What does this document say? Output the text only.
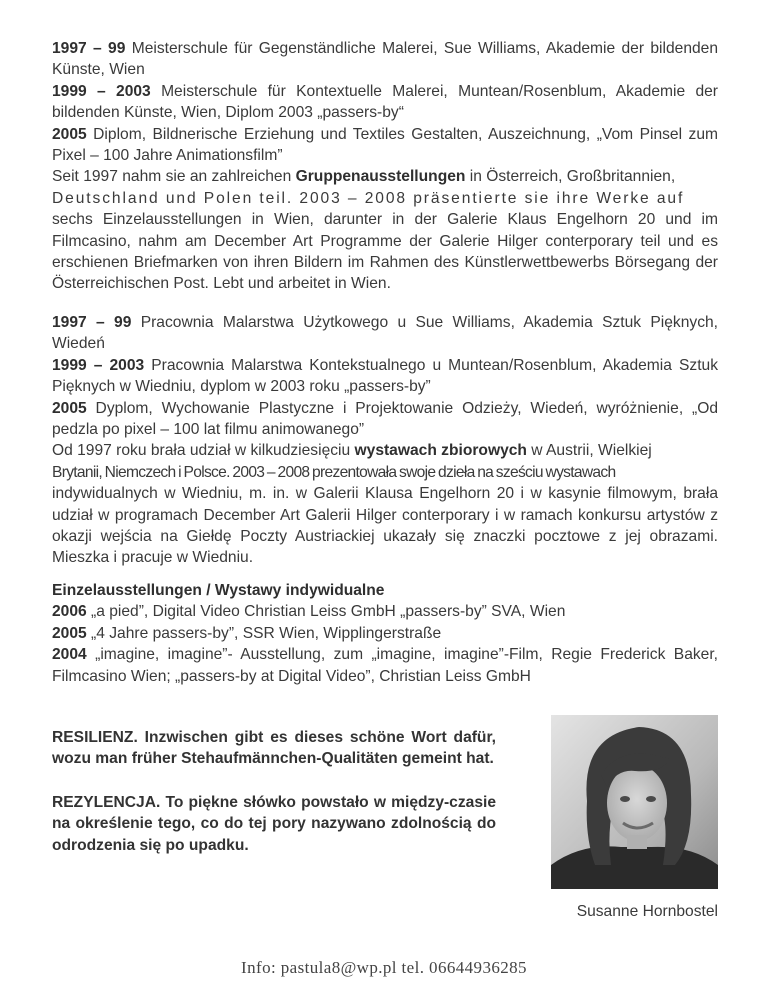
1997 – 99 Meisterschule für Gegenständliche Malerei, Sue Williams, Akademie der bildenden Künste, Wien

1999 – 2003 Meisterschule für Kontextuelle Malerei, Muntean/Rosenblum, Akademie der bildenden Künste, Wien, Diplom 2003 „passers-by“

2005 Diplom, Bildnerische Erziehung und Textiles Gestalten, Auszeichnung, „Vom Pinsel zum Pixel – 100 Jahre Animationsfilm”

Seit 1997 nahm sie an zahlreichen Gruppenausstellungen in Österreich, Großbritannien,
Deutschland und Polen teil. 2003 – 2008 präsentierte sie ihre Werke auf
sechs Einzelausstellungen in Wien, darunter in der Galerie Klaus Engelhorn 20 und im Filmcasino, nahm am December Art Programme der Galerie Hilger conterporary teil und es erschienen Briefmarken von ihren Bildern im Rahmen des Künstlerwettbewerbs Börsegang der Österreichischen Post. Lebt und arbeitet in Wien.

1997 – 99 Pracownia Malarstwa Użytkowego u Sue Williams, Akademia Sztuk Pięknych, Wiedeń

1999 – 2003 Pracownia Malarstwa Kontekstualnego u Muntean/Rosenblum, Akademia Sztuk Pięknych w Wiedniu, dyplom w 2003 roku „passers-by”

2005 Dyplom, Wychowanie Plastyczne i Projektowanie Odzieży, Wiedeń, wyróżnienie, „Od pedzla po pixel – 100 lat filmu animowanego”

Od 1997 roku brała udział w kilkudziesięciu wystawach zbiorowych w Austrii, Wielkiej
Brytanii, Niemczech i Polsce. 2003 – 2008 prezentowała swoje dzieła na sześciu wystawach
indywidualnych w Wiedniu, m. in. w Galerii Klausa Engelhorn 20 i w kasynie filmowym, brała udział w programach December Art Galerii Hilger conterporary i w ramach konkursu artystów z okazji wejścia na Giełdę Poczty Austriackiej ukazały się znaczki pocztowe z jej obrazami. Mieszka i pracuje w Wiedniu.

Einzelausstellungen / Wystawy indywidualne

2006 „a pied”, Digital Video Christian Leiss GmbH „passers-by” SVA, Wien

2005 „4 Jahre passers-by”, SSR Wien, Wipplingerstraße

2004 „imagine, imagine”- Ausstellung, zum „imagine, imagine”-Film, Regie Frederick Baker, Filmcasino Wien; „passers-by at Digital Video”, Christian Leiss GmbH

RESILIENZ. Inzwischen gibt es dieses schöne Wort dafür, wozu man früher Stehaufmännchen-Qualitäten gemeint hat.

REZYLENCJA. To piękne słówko powstało w między-czasie na określenie tego, co do tej pory nazywano zdolnością do odrodzenia się po upadku.

Susanne Hornbostel
Info: pastula8@wp.pl tel. 06644936285
